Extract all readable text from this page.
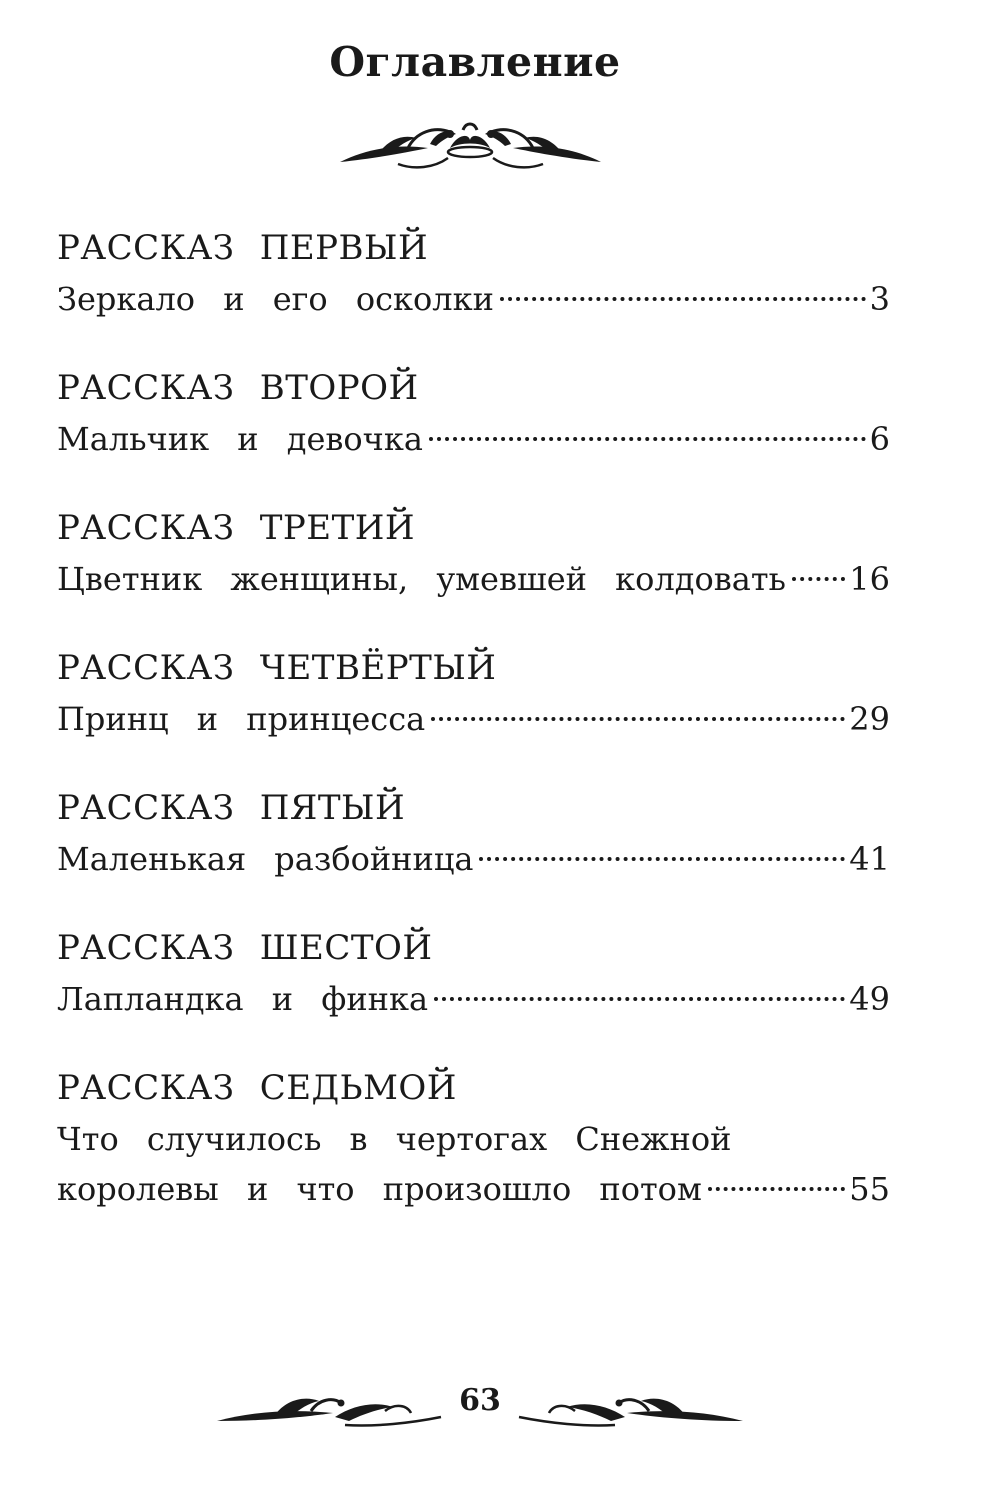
Оглавление
РАССКАЗ ПЕРВЫЙ
Зеркало и его осколки	3
РАССКАЗ ВТОРОЙ
Мальчик и девочка	6
РАССКАЗ ТРЕТИЙ
Цветник женщины, умевшей колдовать 16
РАССКАЗ ЧЕТВЁРТЫЙ
Принц и принцесса	29
РАССКАЗ ПЯТЫЙ
Маленькая разбойница	41
РАССКАЗ ШЕСТОЙ
Лапландка и финка	49
РАССКАЗ СЕДЬМОЙ
Что случилось в чертогах Снежной
королевы и что произошло потом	55
63
